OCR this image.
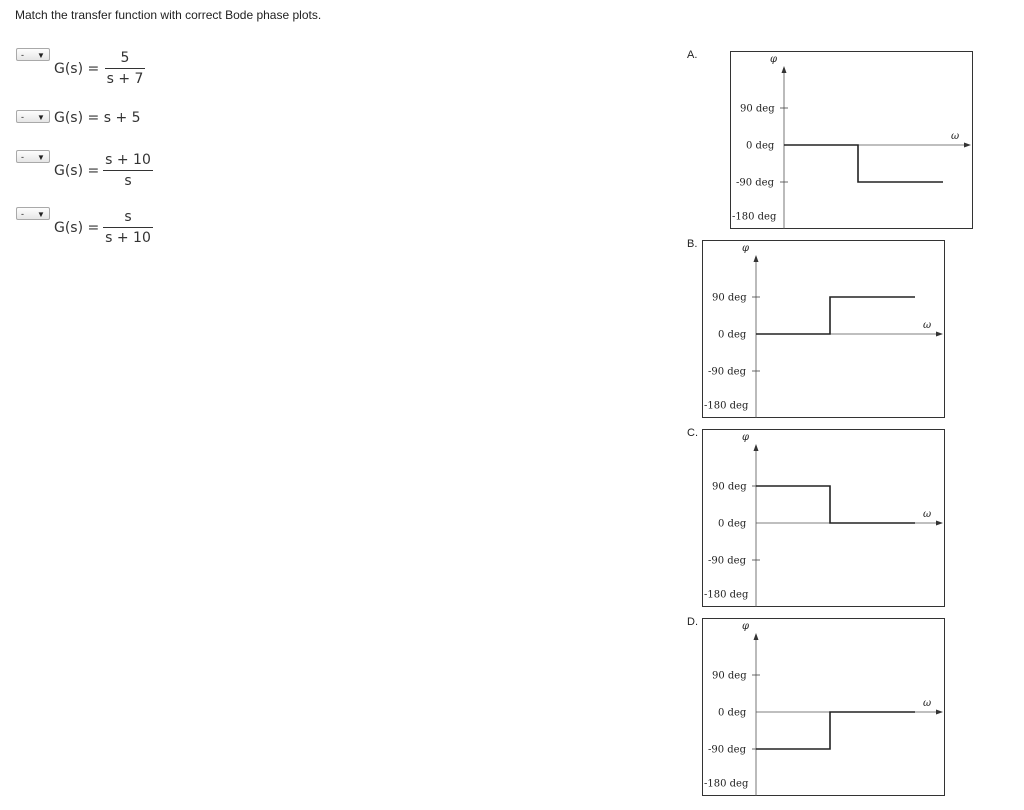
Match the transfer function with correct Bode phase plots.
- ▼
G(s) =
5
s + 7
- ▼ G(s) = s + 5
- ▼
G(s) =
s + 10
s
- ▼
G(s) =
s
s + 10
A.
B.
C.
D.
φ
ω
90 deg
0 deg
-90 deg
-180 deg
φ
ω
90 deg
0 deg
-90 deg
-180 deg
φ
ω
90 deg
0 deg
-90 deg
-180 deg
φ
ω
90 deg
0 deg
-90 deg
-180 deg
